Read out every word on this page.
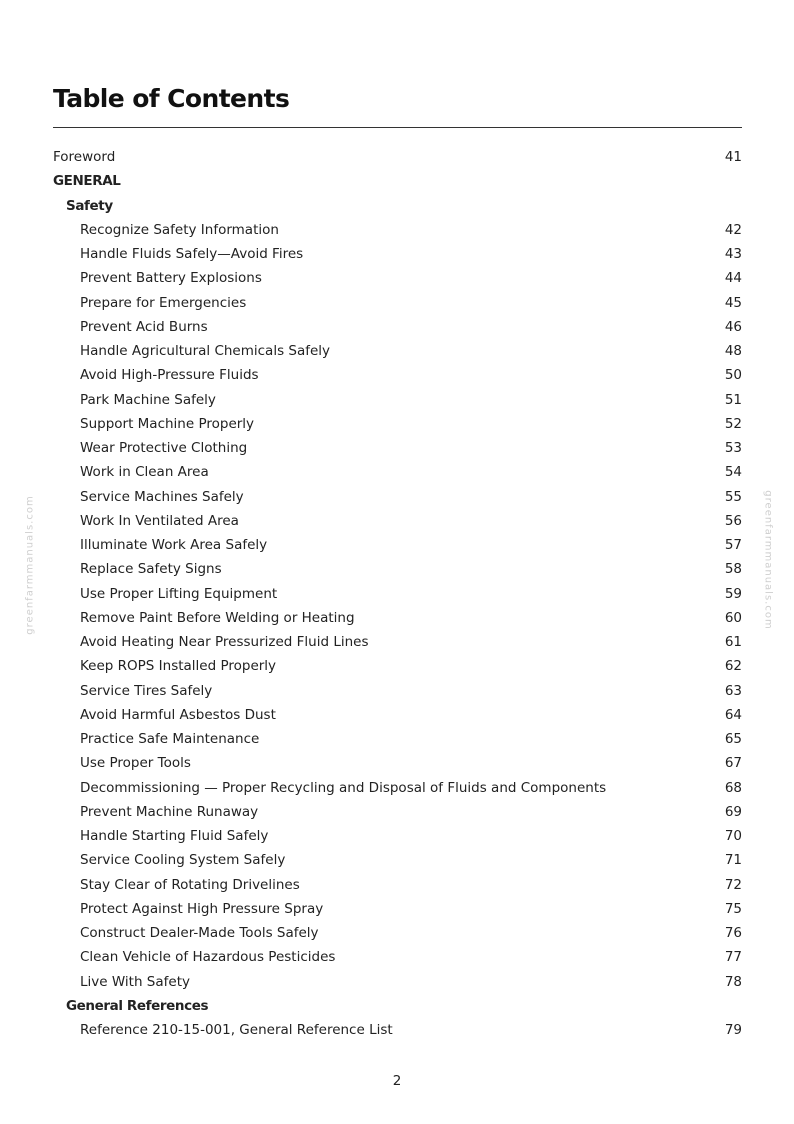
Table of Contents
Foreword	41
GENERAL
Safety
Recognize Safety Information	42
Handle Fluids Safely—Avoid Fires	43
Prevent Battery Explosions	44
Prepare for Emergencies	45
Prevent Acid Burns	46
Handle Agricultural Chemicals Safely	48
Avoid High-Pressure Fluids	50
Park Machine Safely	51
Support Machine Properly	52
Wear Protective Clothing	53
Work in Clean Area	54
Service Machines Safely	55
Work In Ventilated Area	56
Illuminate Work Area Safely	57
Replace Safety Signs	58
Use Proper Lifting Equipment	59
Remove Paint Before Welding or Heating	60
Avoid Heating Near Pressurized Fluid Lines	61
Keep ROPS Installed Properly	62
Service Tires Safely	63
Avoid Harmful Asbestos Dust	64
Practice Safe Maintenance	65
Use Proper Tools	67
Decommissioning — Proper Recycling and Disposal of Fluids and Components	68
Prevent Machine Runaway	69
Handle Starting Fluid Safely	70
Service Cooling System Safely	71
Stay Clear of Rotating Drivelines	72
Protect Against High Pressure Spray	75
Construct Dealer-Made Tools Safely	76
Clean Vehicle of Hazardous Pesticides	77
Live With Safety	78
General References
Reference 210-15-001, General Reference List	79
2
greenfarmmanuals.com	greenfarmmanuals.com
